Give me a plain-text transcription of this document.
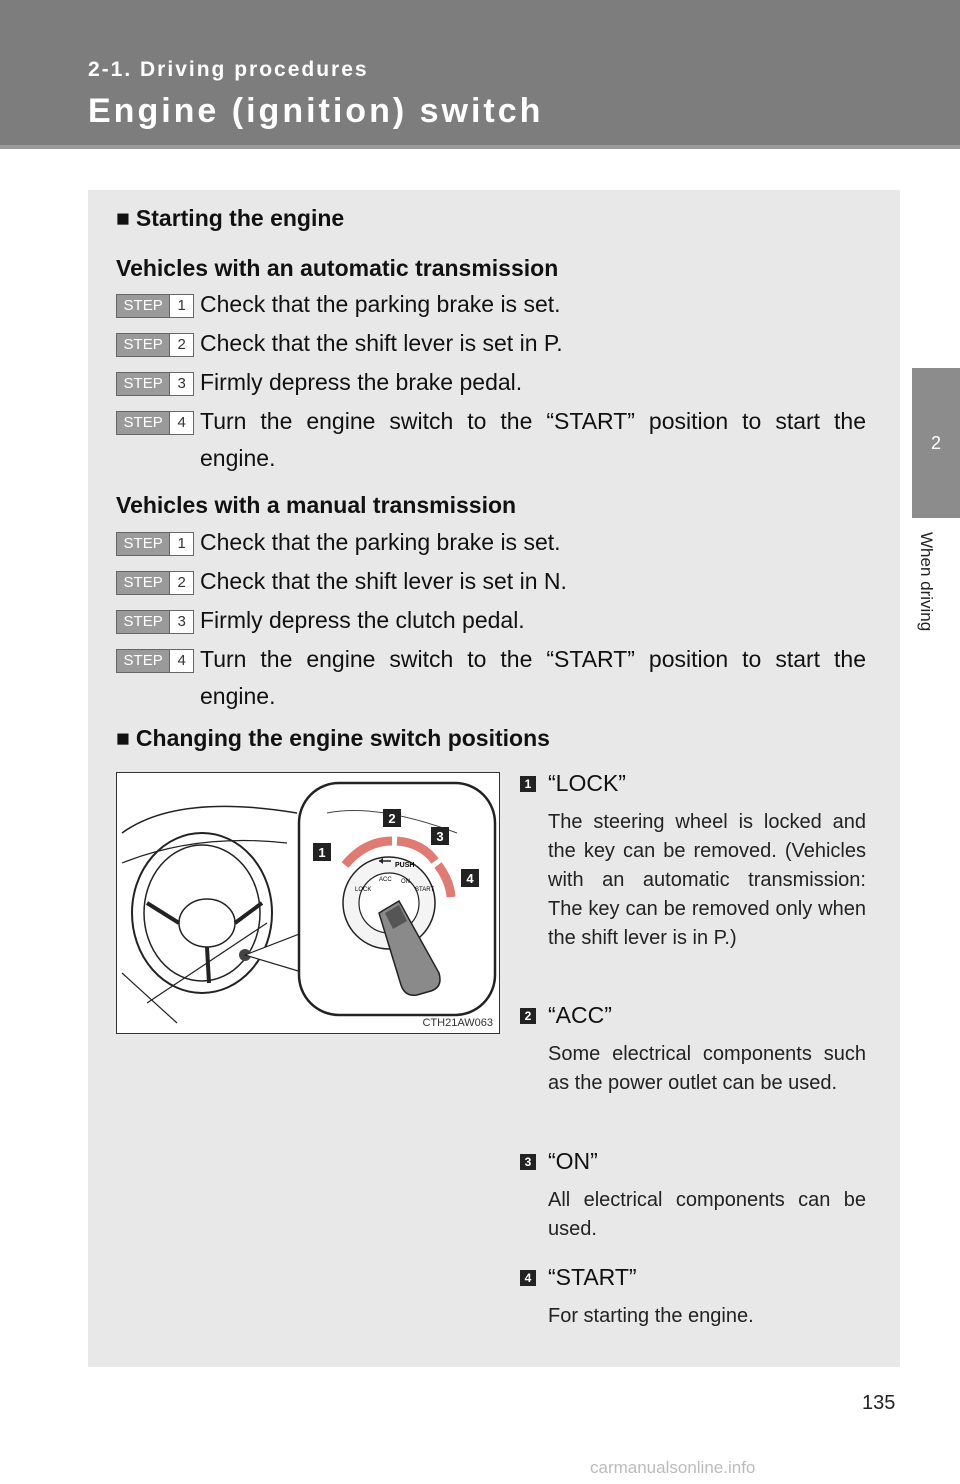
2-1. Driving procedures
Engine (ignition) switch
2
When driving
■ Starting the engine
Vehicles with an automatic transmission
STEP 1 Check that the parking brake is set.
STEP 2 Check that the shift lever is set in P.
STEP 3 Firmly depress the brake pedal.
STEP 4 Turn the engine switch to the “START” position to start the engine.
Vehicles with a manual transmission
STEP 1 Check that the parking brake is set.
STEP 2 Check that the shift lever is set in N.
STEP 3 Firmly depress the clutch pedal.
STEP 4 Turn the engine switch to the “START” position to start the engine.
■ Changing the engine switch positions
PUSH
LOCK
ACC ON
START
1
2
3
4
CTH21AW063
1 “LOCK”
The steering wheel is locked and the key can be removed. (Vehicles with an automatic transmission: The key can be removed only when the shift lever is in P.)
2 “ACC”
Some electrical components such as the power outlet can be used.
3 “ON”
All electrical components can be used.
4 “START”
For starting the engine.
135
carmanualsonline.info
